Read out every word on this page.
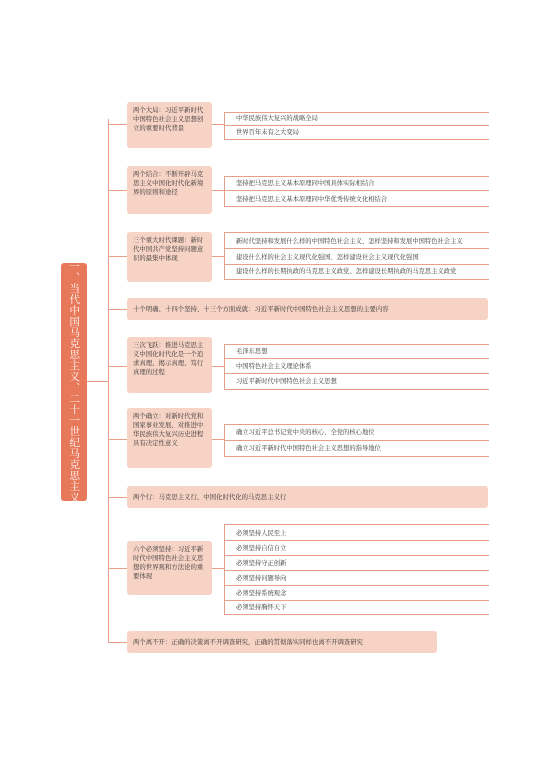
一、当代中国马克思主义、二十一世纪马克思主义
两个大局：习近平新时代中国特色社会主义思想创立的重要时代背景
中华民族伟大复兴的战略全局
世界百年未有之大变局
两个结合：不断开辟马克思主义中国化时代化新境界的原则和途径
坚持把马克思主义基本原理同中国具体实际相结合
坚持把马克思主义基本原理同中华优秀传统文化相结合
三个重大时代课题：新时代中国共产党坚持问题意识的最集中体现
新时代坚持和发展什么样的中国特色社会主义、怎样坚持和发展中国特色社会主义
建设什么样的社会主义现代化强国、怎样建设社会主义现代化强国
建设什么样的长期执政的马克思主义政党、怎样建设长期执政的马克思主义政党
十个明确、十四个坚持、十三个方面成就：习近平新时代中国特色社会主义思想的主要内容
三次飞跃：推进马克思主义中国化时代化是一个追求真理、揭示真理、笃行真理的过程
毛泽东思想
中国特色社会主义理论体系
习近平新时代中国特色社会主义思想
两个确立：对新时代党和国家事业发展、对推进中华民族伟大复兴历史进程具有决定性意义
确立习近平总书记党中央的核心、全党的核心地位
确立习近平新时代中国特色社会主义思想的指导地位
两个行：马克思主义行、中国化时代化的马克思主义行
六个必须坚持：习近平新时代中国特色社会主义思想的世界观和方法论的重要体现
必须坚持人民至上
必须坚持自信自立
必须坚持守正创新
必须坚持问题导向
必须坚持系统观念
必须坚持胸怀天下
两个离不开：正确的决策离不开调查研究，正确的贯彻落实同样也离不开调查研究
